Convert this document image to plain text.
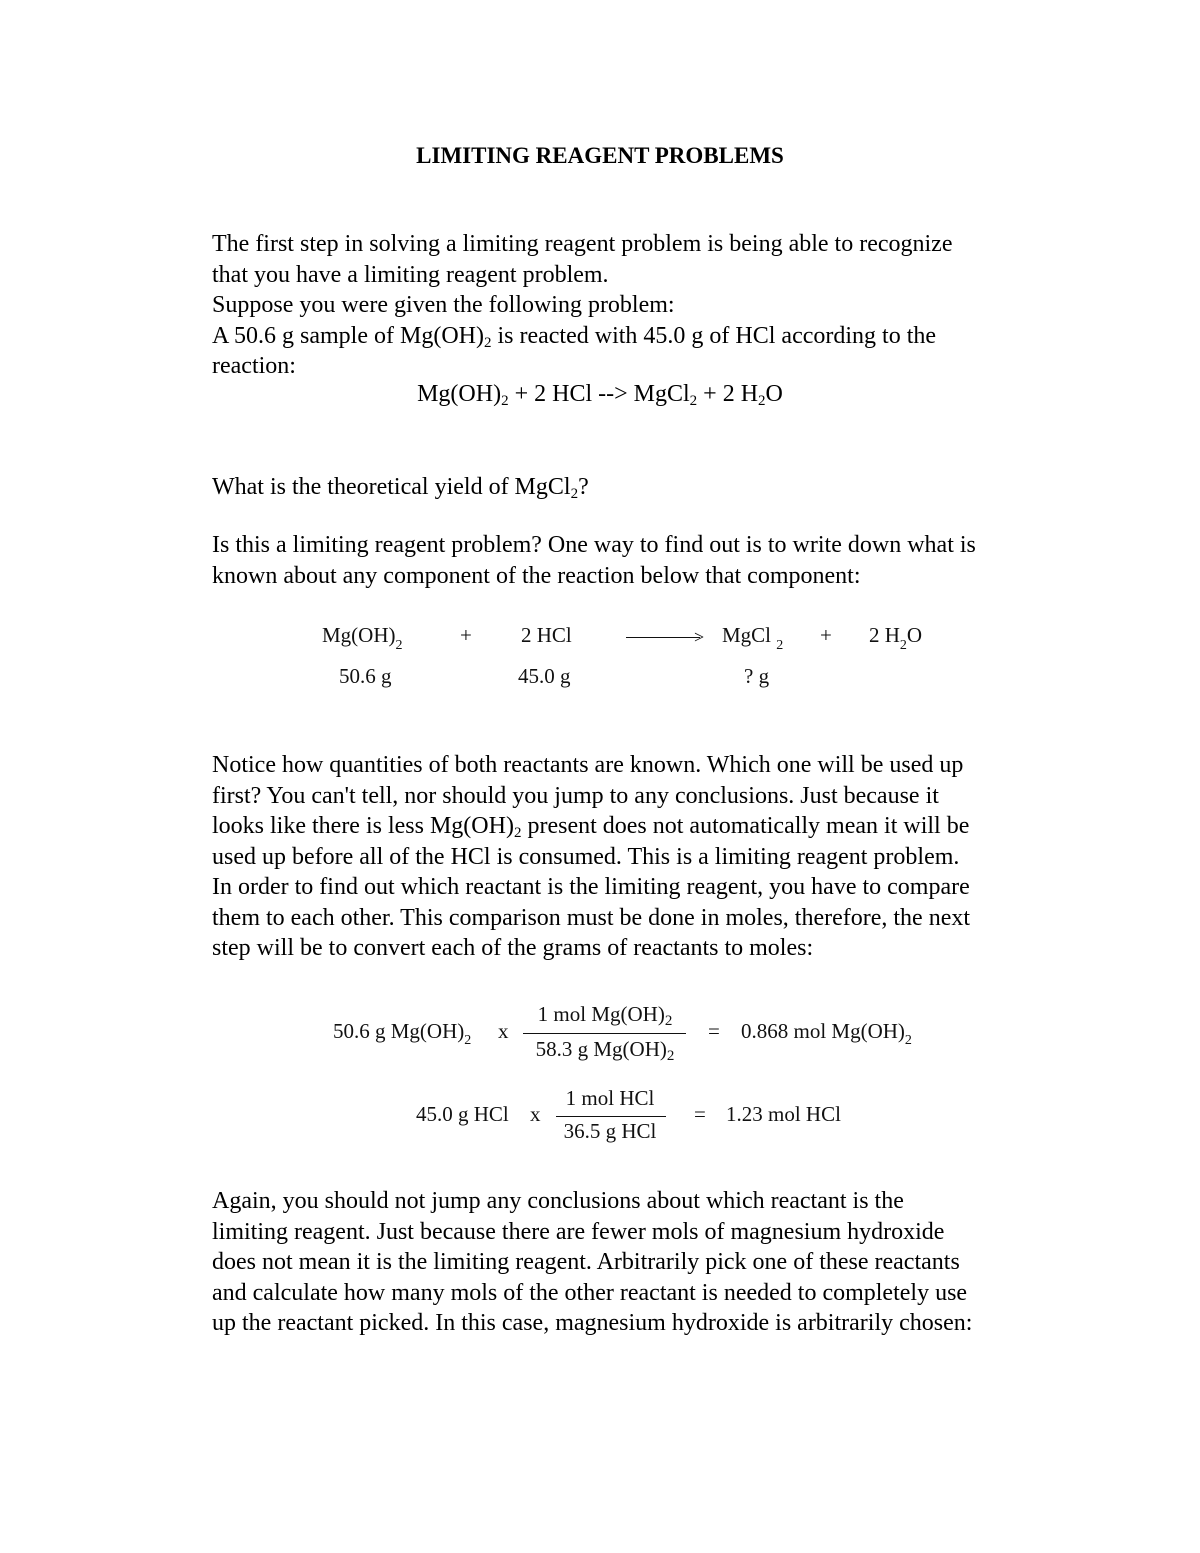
LIMITING REAGENT PROBLEMS

The first step in solving a limiting reagent problem is being able to recognize

that you have a limiting reagent problem.

Suppose you were given the following problem:

A 50.6 g sample of $Mg(OH)_2$ is reacted with 45.0 g of HCl according to the

reaction:

$Mg(OH)_2 + 2$ HCl --> MgCl$_2$ + 2 $H_2O$

What is the theoretical yield of MgCl$_2$?

Is this a limiting reagent problem? One way to find out is to write down what is

known about any component of the reaction below that component:

$Mg(OH)_2$	+ 2 HCl	> MgCl $_2$ + 2 $H_2O$
50.6 g	45.0 g	? g

Notice how quantities of both reactants are known. Which one will be used up

first? You can't tell, nor should you jump to any conclusions. Just because it

looks like there is less $Mg(OH)_2$ present does not automatically mean it will be

used up before all of the HCl is consumed. This is a limiting reagent problem.

In order to find out which reactant is the limiting reagent, you have to compare

them to each other. This comparison must be done in moles, therefore, the next

step will be to convert each of the grams of reactants to moles:

50.6 g $Mg(OH)_2$ x
1 mol $Mg(OH)_2$
58.3 g $Mg(OH)_2$
= 0.868 mol $Mg(OH)_2$
45.0 g HCl x
1 mol HCl
36.5 g HCl
= 1.23 mol HCl

Again, you should not jump any conclusions about which reactant is the

limiting reagent. Just because there are fewer mols of magnesium hydroxide

does not mean it is the limiting reagent. Arbitrarily pick one of these reactants

and calculate how many mols of the other reactant is needed to completely use

up the reactant picked. In this case, magnesium hydroxide is arbitrarily chosen:
